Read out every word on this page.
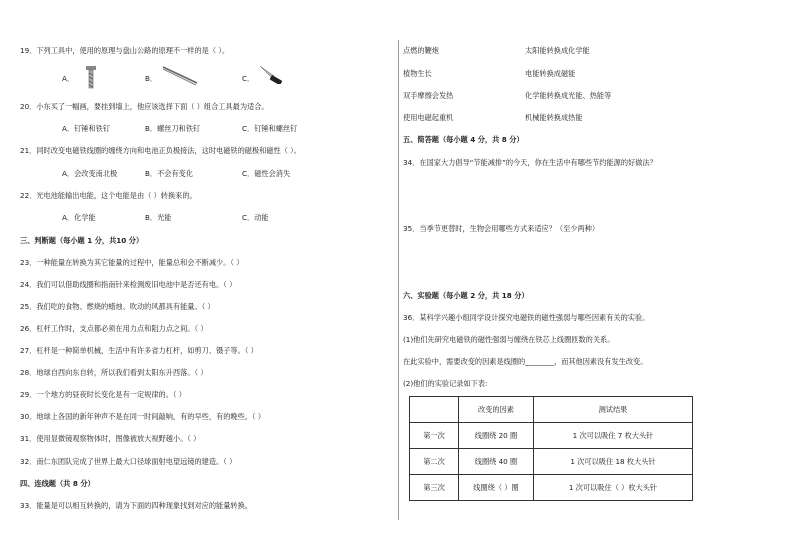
19．下列工具中，使用的原理与盘山公路的原理不一样的是（ ）。
A．	B．	C．
20．小东买了一幅画，要挂到墙上，他应该选择下面（ ）组合工具最为适合。
A．钉锤和铁钉	B．螺丝刀和铁钉	C．钉锤和螺丝钉
21．同时改变电磁铁线圈的缠绕方向和电池正负极接法，这时电磁铁的磁极和磁性（ ）。
A．会改变南北极	B．不会有变化	C．磁性会消失
22．光电池能输出电能，这个电能是由（ ）转换来的。
A．化学能	B．光能	C．动能
三、判断题（每小题 1 分，共10 分）
23．一种能量在转换为其它能量的过程中，能量总和会不断减少。（ ）
24．我们可以借助线圈和指南针来检测废旧电池中是否还有电。（ ）
25．我们吃的食物、燃烧的蜡烛、吹动的风都具有能量。（ ）
26．杠杆工作时，支点都必须在用力点和阻力点之间。（ ）
27．杠杆是一种简单机械，生活中有许多省力杠杆，如剪刀、镊子等。（ ）
28．地球自西向东自转，所以我们看到太阳东升西落。（ ）
29．一个地方的昼夜时长变化是有一定规律的。（ ）
30．地球上各国的新年钟声不是在同一时间敲响，有的早些，有的晚些。（ ）
31．使用显微镜观察物体时，图像被放大视野越小。（ ）
32．南仁东团队完成了世界上最大口径球面射电望远镜的建造。（ ）
四、连线题（共 8 分）
33．能量是可以相互转换的，请为下面的四种现象找到对应的能量转换。
点燃的鞭炮	太阳能转换成化学能
植物生长	电能转换成磁能
双手摩擦会发热	化学能转换成光能、热能等
使用电磁起重机	机械能转换成热能
五、简答题（每小题 4 分，共 8 分）
34．在国家大力倡导“节能减排”的今天，你在生活中有哪些节约能源的好做法？
35．当季节更替时，生物会用哪些方式来适应？（至少两种）
六、实验题（每小题 2 分，共 18 分）
36．某科学兴趣小组同学设计探究电磁铁的磁性强弱与哪些因素有关的实验。
(1)他们先研究电磁铁的磁性强弱与缠绕在铁芯上线圈匝数的关系。
在此实验中，需要改变的因素是线圈的________，而其他因素没有发生改变。
(2)他们的实验记录如下表：
	改变的因素	测试结果
第一次	线圈绕 20 圈	1 次可以吸住 7 枚大头针
第二次	线圈绕 40 圈	1 次可以吸住 18 枚大头针
第三次	线圈绕（ ）圈	1 次可以吸住（ ）枚大头针
